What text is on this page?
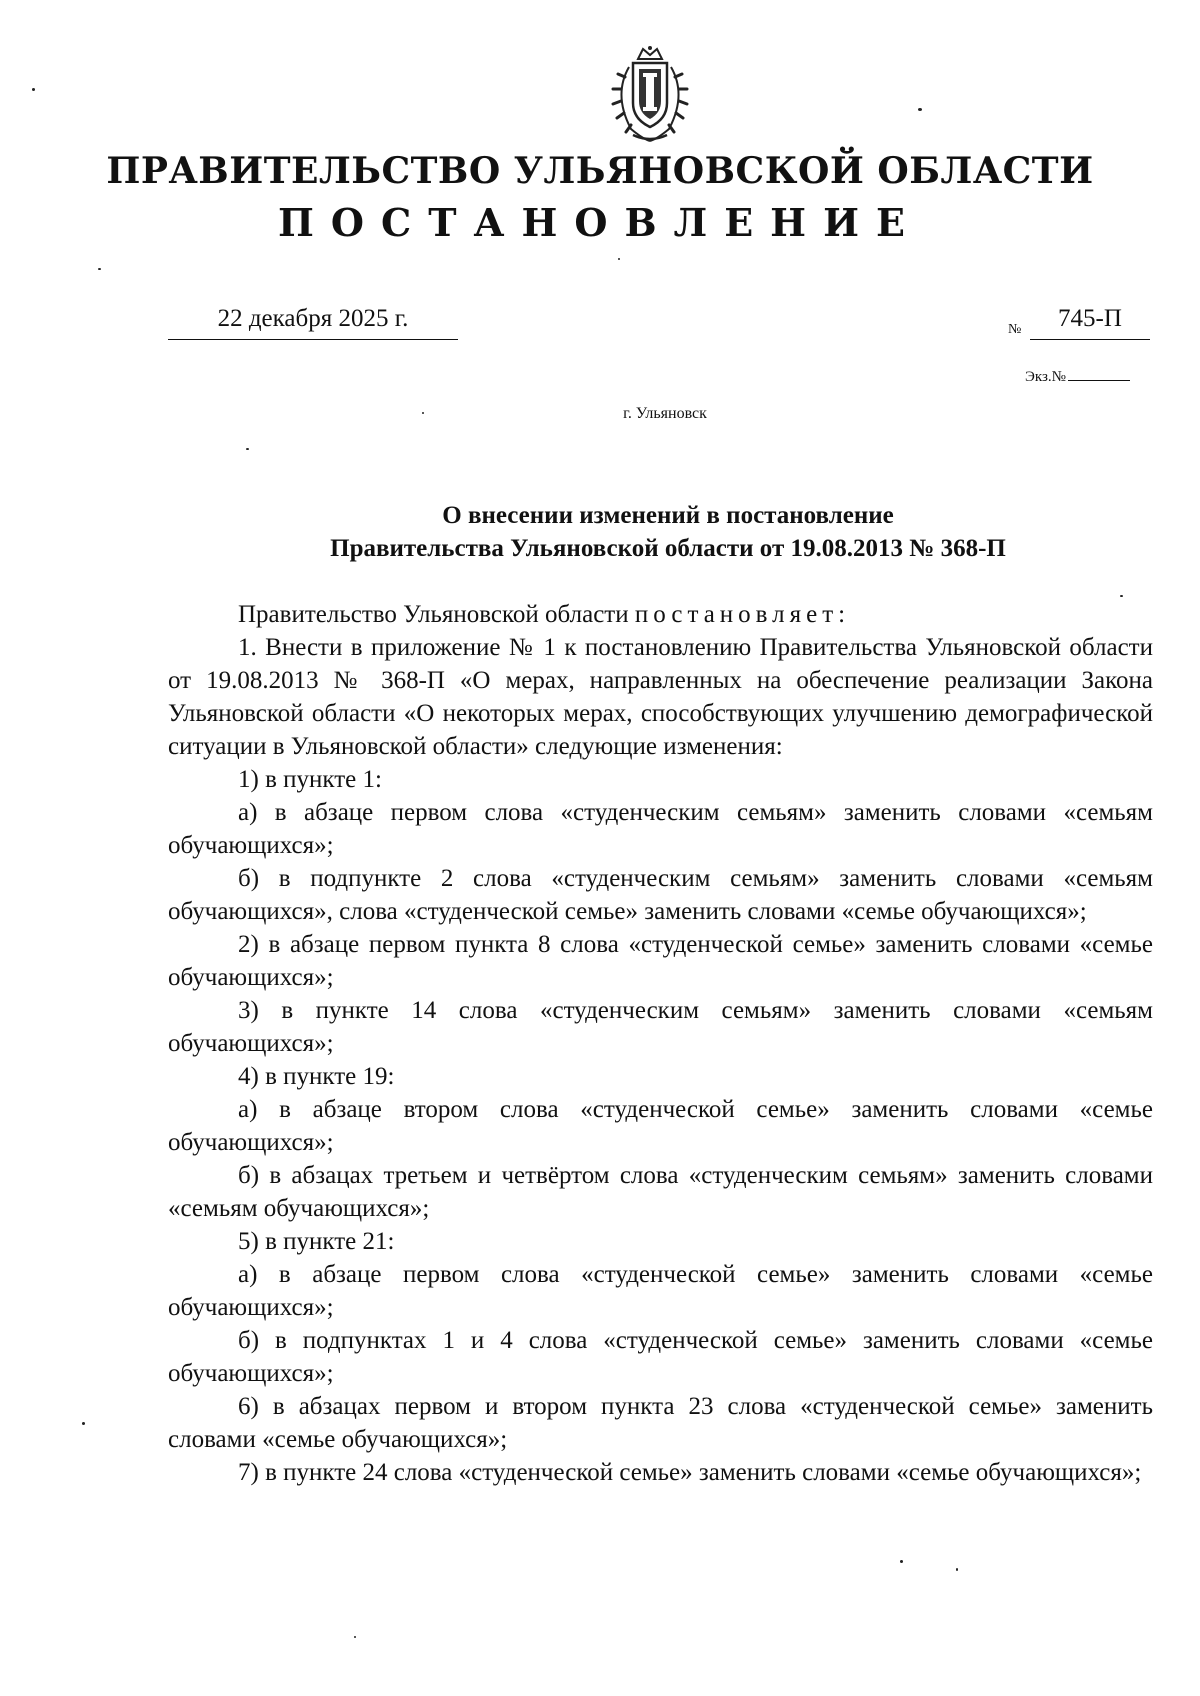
ПРАВИТЕЛЬСТВО УЛЬЯНОВСКОЙ ОБЛАСТИ
ПОСТАНОВЛЕНИЕ
22 декабря 2025 г.	№	745-П
Экз.№
г. Ульяновск
О внесении изменений в постановление
Правительства Ульяновской области от 19.08.2013 № 368-П

Правительство Ульяновской области постановляет:

1. Внести в приложение № 1 к постановлению Правительства Ульяновской области от 19.08.2013 № 368-П «О мерах, направленных на обеспечение реализации Закона Ульяновской области «О некоторых мерах, способствующих улучшению демографической ситуации в Ульяновской области» следующие изменения:

1) в пункте 1:

а) в абзаце первом слова «студенческим семьям» заменить словами «семьям обучающихся»;

б) в подпункте 2 слова «студенческим семьям» заменить словами «семьям обучающихся», слова «студенческой семье» заменить словами «семье обучающихся»;

2) в абзаце первом пункта 8 слова «студенческой семье» заменить словами «семье обучающихся»;

3) в пункте 14 слова «студенческим семьям» заменить словами «семьям обучающихся»;

4) в пункте 19:

а) в абзаце втором слова «студенческой семье» заменить словами «семье обучающихся»;

б) в абзацах третьем и четвёртом слова «студенческим семьям» заменить словами «семьям обучающихся»;

5) в пункте 21:

а) в абзаце первом слова «студенческой семье» заменить словами «семье обучающихся»;

б) в подпунктах 1 и 4 слова «студенческой семье» заменить словами «семье обучающихся»;

6) в абзацах первом и втором пункта 23 слова «студенческой семье» заменить словами «семье обучающихся»;

7) в пункте 24 слова «студенческой семье» заменить словами «семье обучающихся»;
